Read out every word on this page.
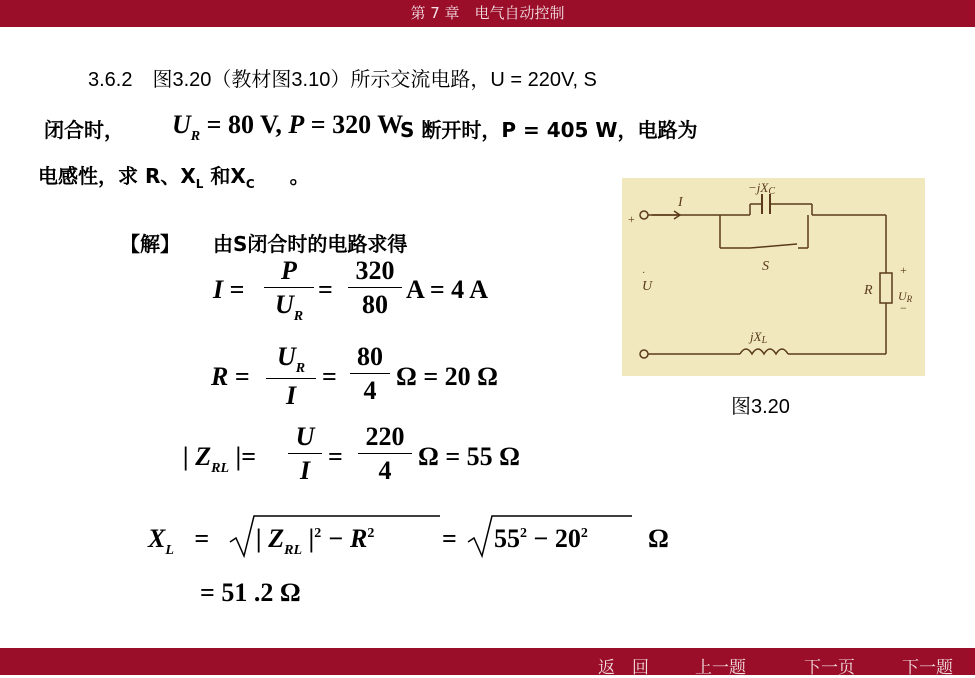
第 7 章　电气自动控制
3.6.2　图3.20（教材图3.10）所示交流电路，U = 220V, S
闭合时， $U_R = 80$ V, P = 320 W
S 断开时，P = 405 W，电路为
电感性，求 R、$X_L$ 和$X_C$ 。
【解】 由S闭合时的电路求得
I =
P
$U_R$
=
320
80
A = 4 A
R =
$U_R$
I
=
80
4 Ω = 20 Ω
| $Z_{RL}$ |=
U
I =
220
4	Ω = 55 Ω
$X_L$ = | $Z_{RL}$ $|^2 - R^2$	= $55^2 - 20^2$ Ω
= 51 .2 Ω
I
−jXC
S
U	R UR
jXL
+
+
−
·
图3.20
返　回	上一题	下一页	下一题
